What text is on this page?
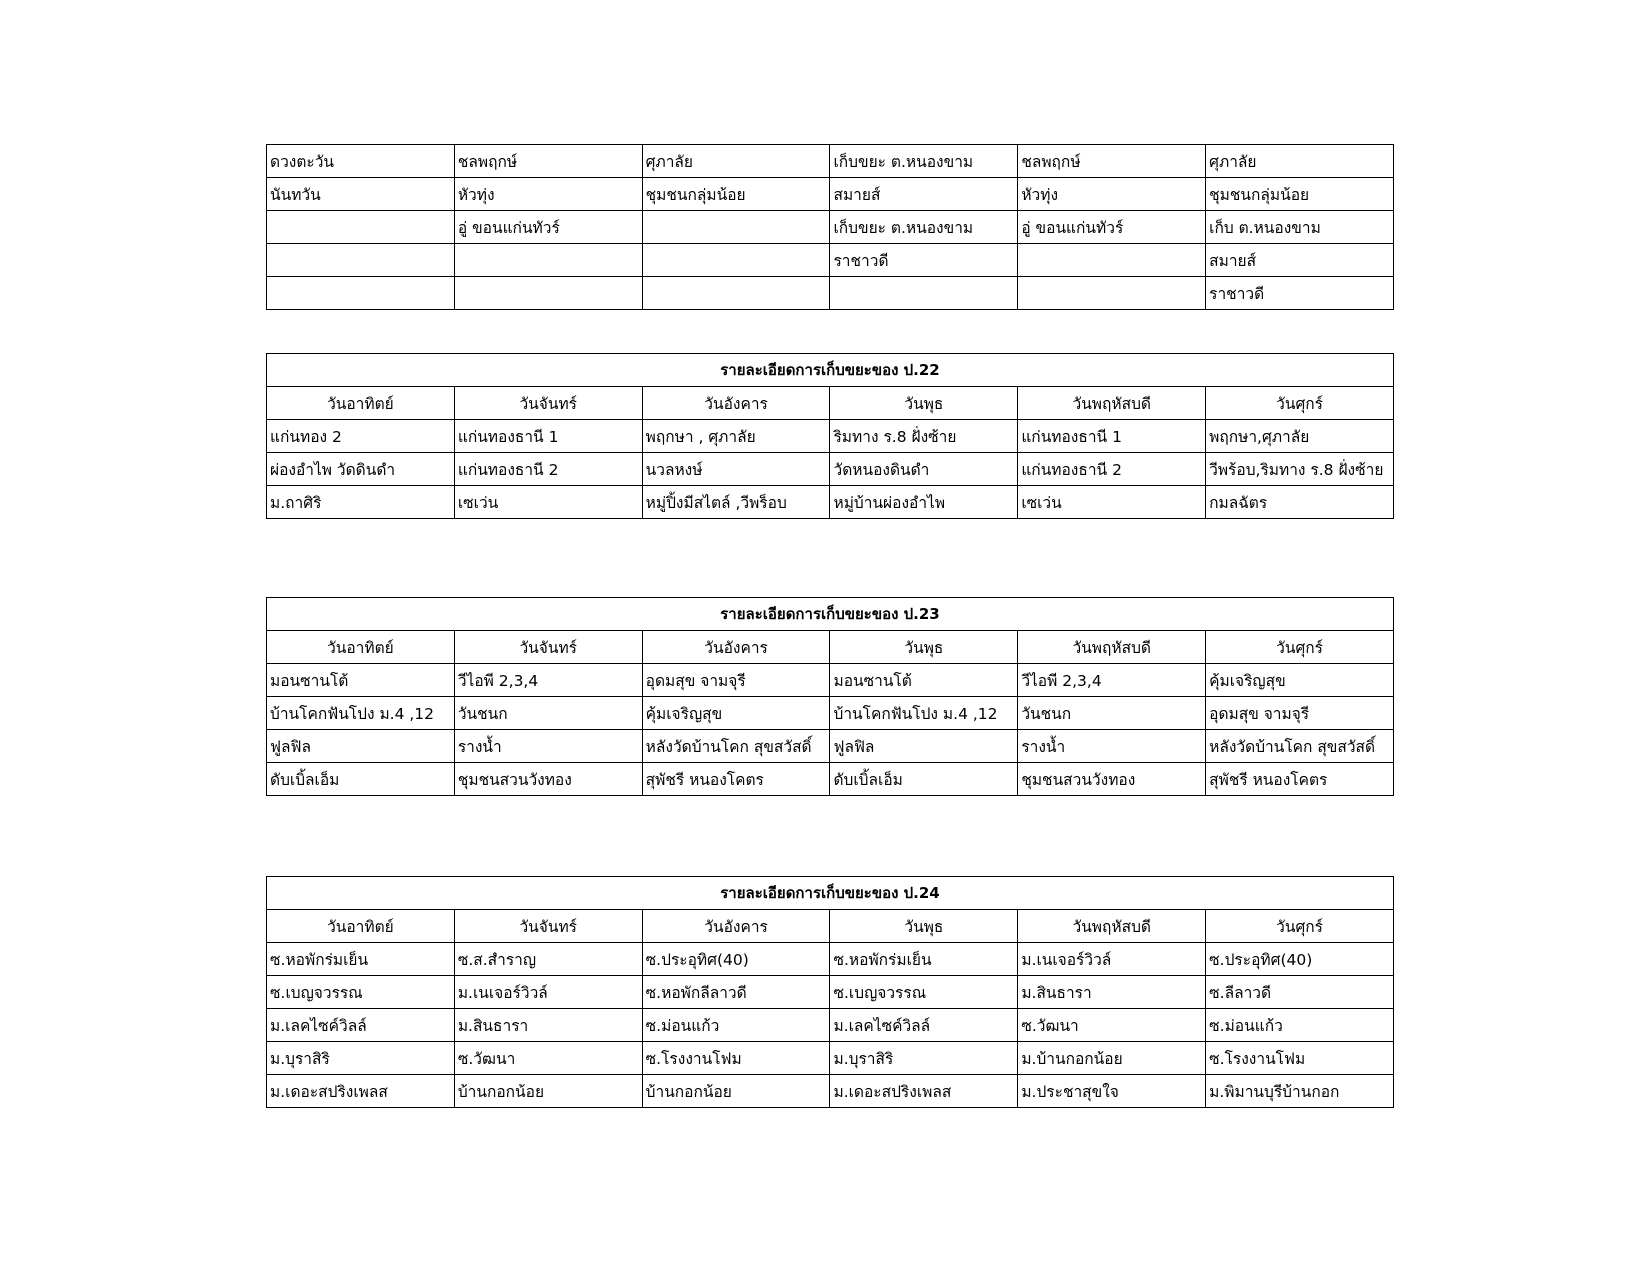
ดวงตะวัน	ชลพฤกษ์	ศุภาลัย	เก็บขยะ ต.หนองขาม	ชลพฤกษ์	ศุภาลัย
นันทวัน	หัวทุ่ง	ชุมชนกลุ่มน้อย	สมายส์	หัวทุ่ง	ชุมชนกลุ่มน้อย
	อู่ ขอนแก่นทัวร์		เก็บขยะ ต.หนองขาม	อู่ ขอนแก่นทัวร์	เก็บ ต.หนองขาม
			ราชาวดี		สมายส์
					ราชาวดี
รายละเอียดการเก็บขยะของ ป.22					
วันอาทิตย์	วันจันทร์	วันอังคาร	วันพุธ	วันพฤหัสบดี	วันศุกร์
แก่นทอง 2	แก่นทองธานี 1	พฤกษา , ศุภาลัย	ริมทาง ร.8 ฝั่งซ้าย	แก่นทองธานี 1	พฤกษา,ศุภาลัย
ผ่องอำไพ วัดดินดำ	แก่นทองธานี 2	นวลหงษ์	วัดหนองดินดำ	แก่นทองธานี 2	วีพร้อบ,ริมทาง ร.8 ฝั่งซ้าย
ม.ถาศิริ	เซเว่น	หมู่ปิ้งมีสไตล์ ,วีพร็อบ	หมู่บ้านผ่องอำไพ	เซเว่น	กมลฉัตร
รายละเอียดการเก็บขยะของ ป.23					
วันอาทิตย์	วันจันทร์	วันอังคาร	วันพุธ	วันพฤหัสบดี	วันศุกร์
มอนซานโต้	วีไอพี 2,3,4	อุดมสุข จามจุรี	มอนซานโต้	วีไอพี 2,3,4	คุ้มเจริญสุข
บ้านโคกฟันโปง ม.4 ,12	วันชนก	คุ้มเจริญสุข	บ้านโคกฟันโปง ม.4 ,12	วันชนก	อุดมสุข จามจุรี
ฟูลฟิล	รางน้ำ	หลังวัดบ้านโคก สุขสวัสดิ์	ฟูลฟิล	รางน้ำ	หลังวัดบ้านโคก สุขสวัสดิ์
ดับเบิ้ลเอ็ม	ชุมชนสวนวังทอง	สุพัชรี หนองโคตร	ดับเบิ้ลเอ็ม	ชุมชนสวนวังทอง	สุพัชรี หนองโคตร
รายละเอียดการเก็บขยะของ ป.24					
วันอาทิตย์	วันจันทร์	วันอังคาร	วันพุธ	วันพฤหัสบดี	วันศุกร์
ซ.หอพักร่มเย็น	ซ.ส.สำราญ	ซ.ประอุทิศ(40)	ซ.หอพักร่มเย็น	ม.เนเจอร์วิวล์	ซ.ประอุทิศ(40)
ซ.เบญจวรรณ	ม.เนเจอร์วิวล์	ซ.หอพักลีลาวดี	ซ.เบญจวรรณ	ม.สินธารา	ซ.ลีลาวดี
ม.เลคไซค์วิลล์	ม.สินธารา	ซ.ม่อนแก้ว	ม.เลคไซค์วิลล์	ซ.วัฒนา	ซ.ม่อนแก้ว
ม.บุราสิริ	ซ.วัฒนา	ซ.โรงงานโฟม	ม.บุราสิริ	ม.บ้านกอกน้อย	ซ.โรงงานโฟม
ม.เดอะสปริงเพลส	บ้านกอกน้อย	บ้านกอกน้อย	ม.เดอะสปริงเพลส	ม.ประชาสุขใจ	ม.พิมานบุรีบ้านกอก
